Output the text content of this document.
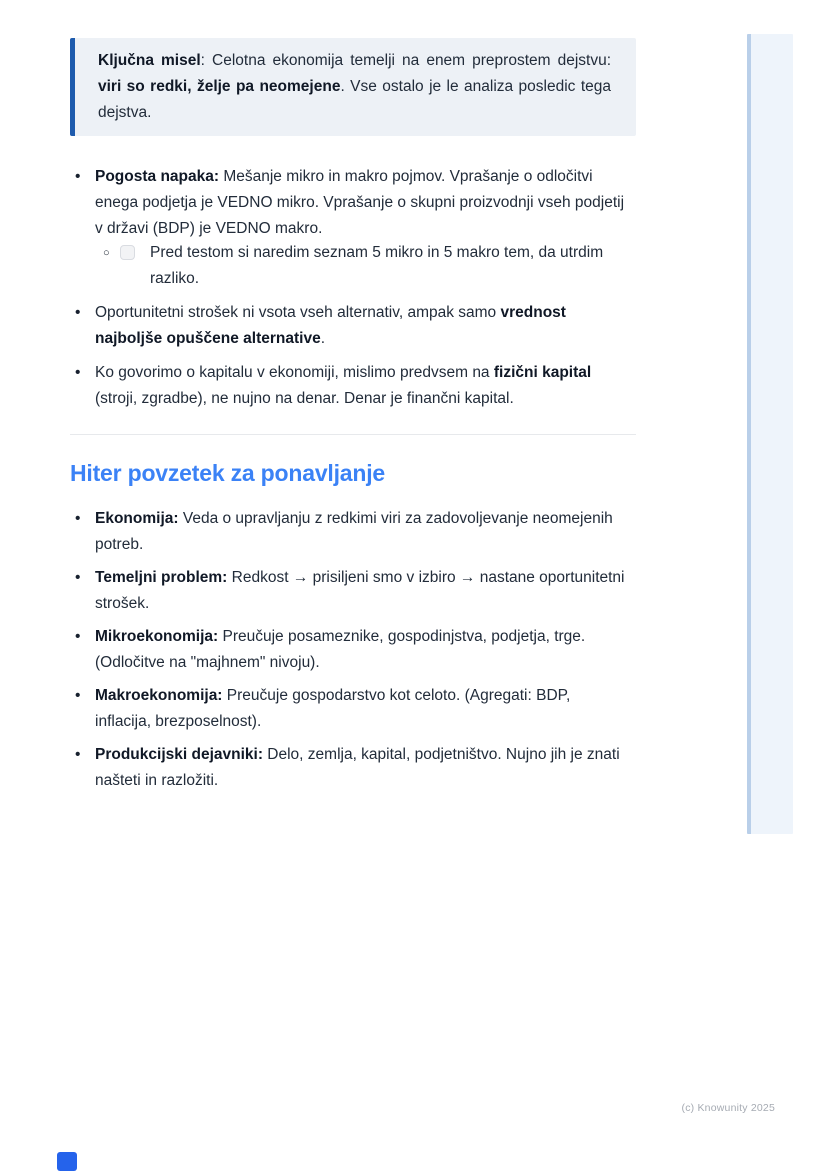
Ključna misel: Celotna ekonomija temelji na enem preprostem dejstvu: viri so redki, želje pa neomejene. Vse ostalo je le analiza posledic tega dejstva.
• Pogosta napaka: Mešanje mikro in makro pojmov. Vprašanje o odločitvi enega podjetja je VEDNO mikro. Vprašanje o skupni proizvodnji vseh podjetij v državi (BDP) je VEDNO makro.
○	Pred testom si naredim seznam 5 mikro in 5 makro tem, da utrdim razliko.
• Oportunitetni strošek ni vsota vseh alternativ, ampak samo vrednost najboljše opuščene alternative.
• Ko govorimo o kapitalu v ekonomiji, mislimo predvsem na fizični kapital (stroji, zgradbe), ne nujno na denar. Denar je finančni kapital.
Hiter povzetek za ponavljanje
• Ekonomija: Veda o upravljanju z redkimi viri za zadovoljevanje neomejenih potreb.
• Temeljni problem: Redkost → prisiljeni smo v izbiro → nastane oportunitetni strošek.
• Mikroekonomija: Preučuje posameznike, gospodinjstva, podjetja, trge. (Odločitve na "majhnem" nivoju).
• Makroekonomija: Preučuje gospodarstvo kot celoto. (Agregati: BDP, inflacija, brezposelnost).
• Produkcijski dejavniki: Delo, zemlja, kapital, podjetništvo. Nujno jih je znati našteti in razložiti.
(c) Knowunity 2025
